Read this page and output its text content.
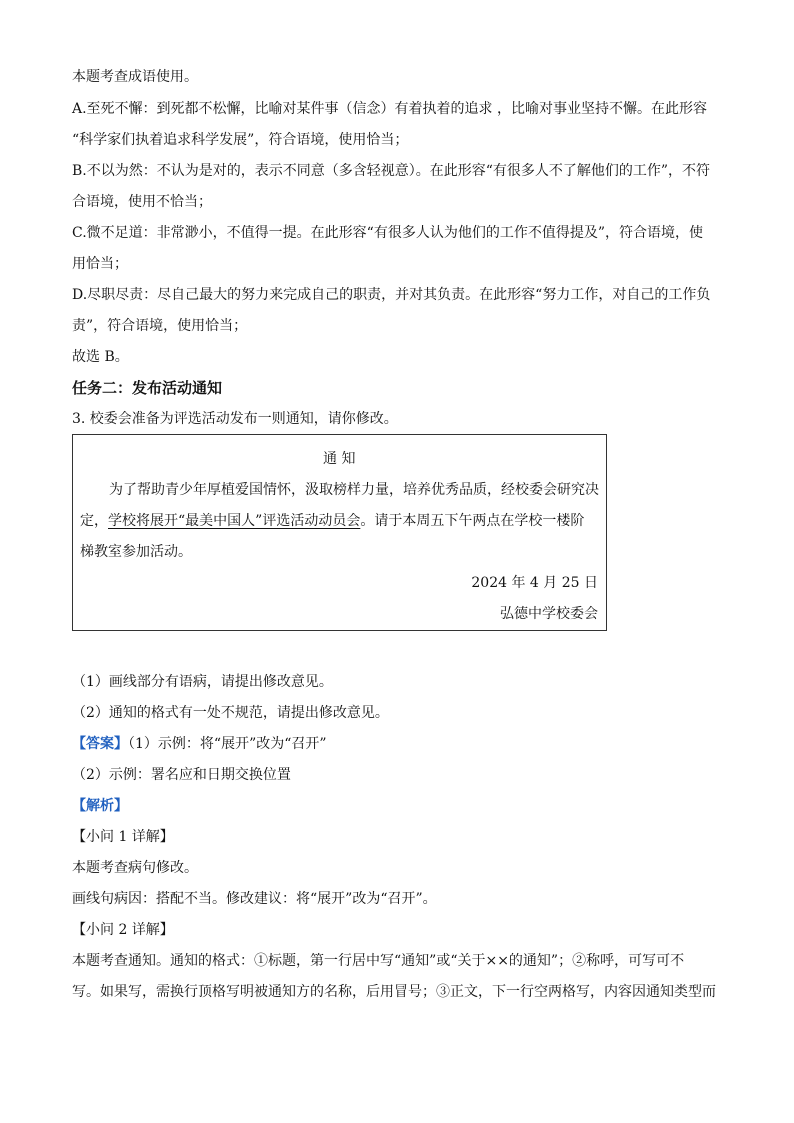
本题考查成语使用。
A.至死不懈：到死都不松懈，比喻对某件事（信念）有着执着的追求 ，比喻对事业坚持不懈。在此形容
“科学家们执着追求科学发展”，符合语境，使用恰当；
B.不以为然：不认为是对的，表示不同意（多含轻视意）。在此形容“有很多人不了解他们的工作”，不符
合语境，使用不恰当；
C.微不足道：非常渺小，不值得一提。在此形容“有很多人认为他们的工作不值得提及”，符合语境，使
用恰当；
D.尽职尽责：尽自己最大的努力来完成自己的职责，并对其负责。在此形容“努力工作，对自己的工作负
责”，符合语境，使用恰当；
故选 B。
任务二：发布活动通知
3. 校委会准备为评选活动发布一则通知，请你修改。
通 知
为了帮助青少年厚植爱国情怀，汲取榜样力量，培养优秀品质，经校委会研究决
定，学校将展开“最美中国人”评选活动动员会。请于本周五下午两点在学校一楼阶
梯教室参加活动。
2024 年 4 月 25 日
弘德中学校委会
（1）画线部分有语病，请提出修改意见。
（2）通知的格式有一处不规范，请提出修改意见。
【答案】（1）示例：将“展开”改为“召开”
（2）示例：署名应和日期交换位置
【解析】
【小问 1 详解】
本题考查病句修改。
画线句病因：搭配不当。修改建议：将“展开”改为“召开”。
【小问 2 详解】
本题考查通知。通知的格式：①标题，第一行居中写“通知”或“关于××的通知”；②称呼，可写可不
写。如果写，需换行顶格写明被通知方的名称，后用冒号；③正文，下一行空两格写，内容因通知类型而
